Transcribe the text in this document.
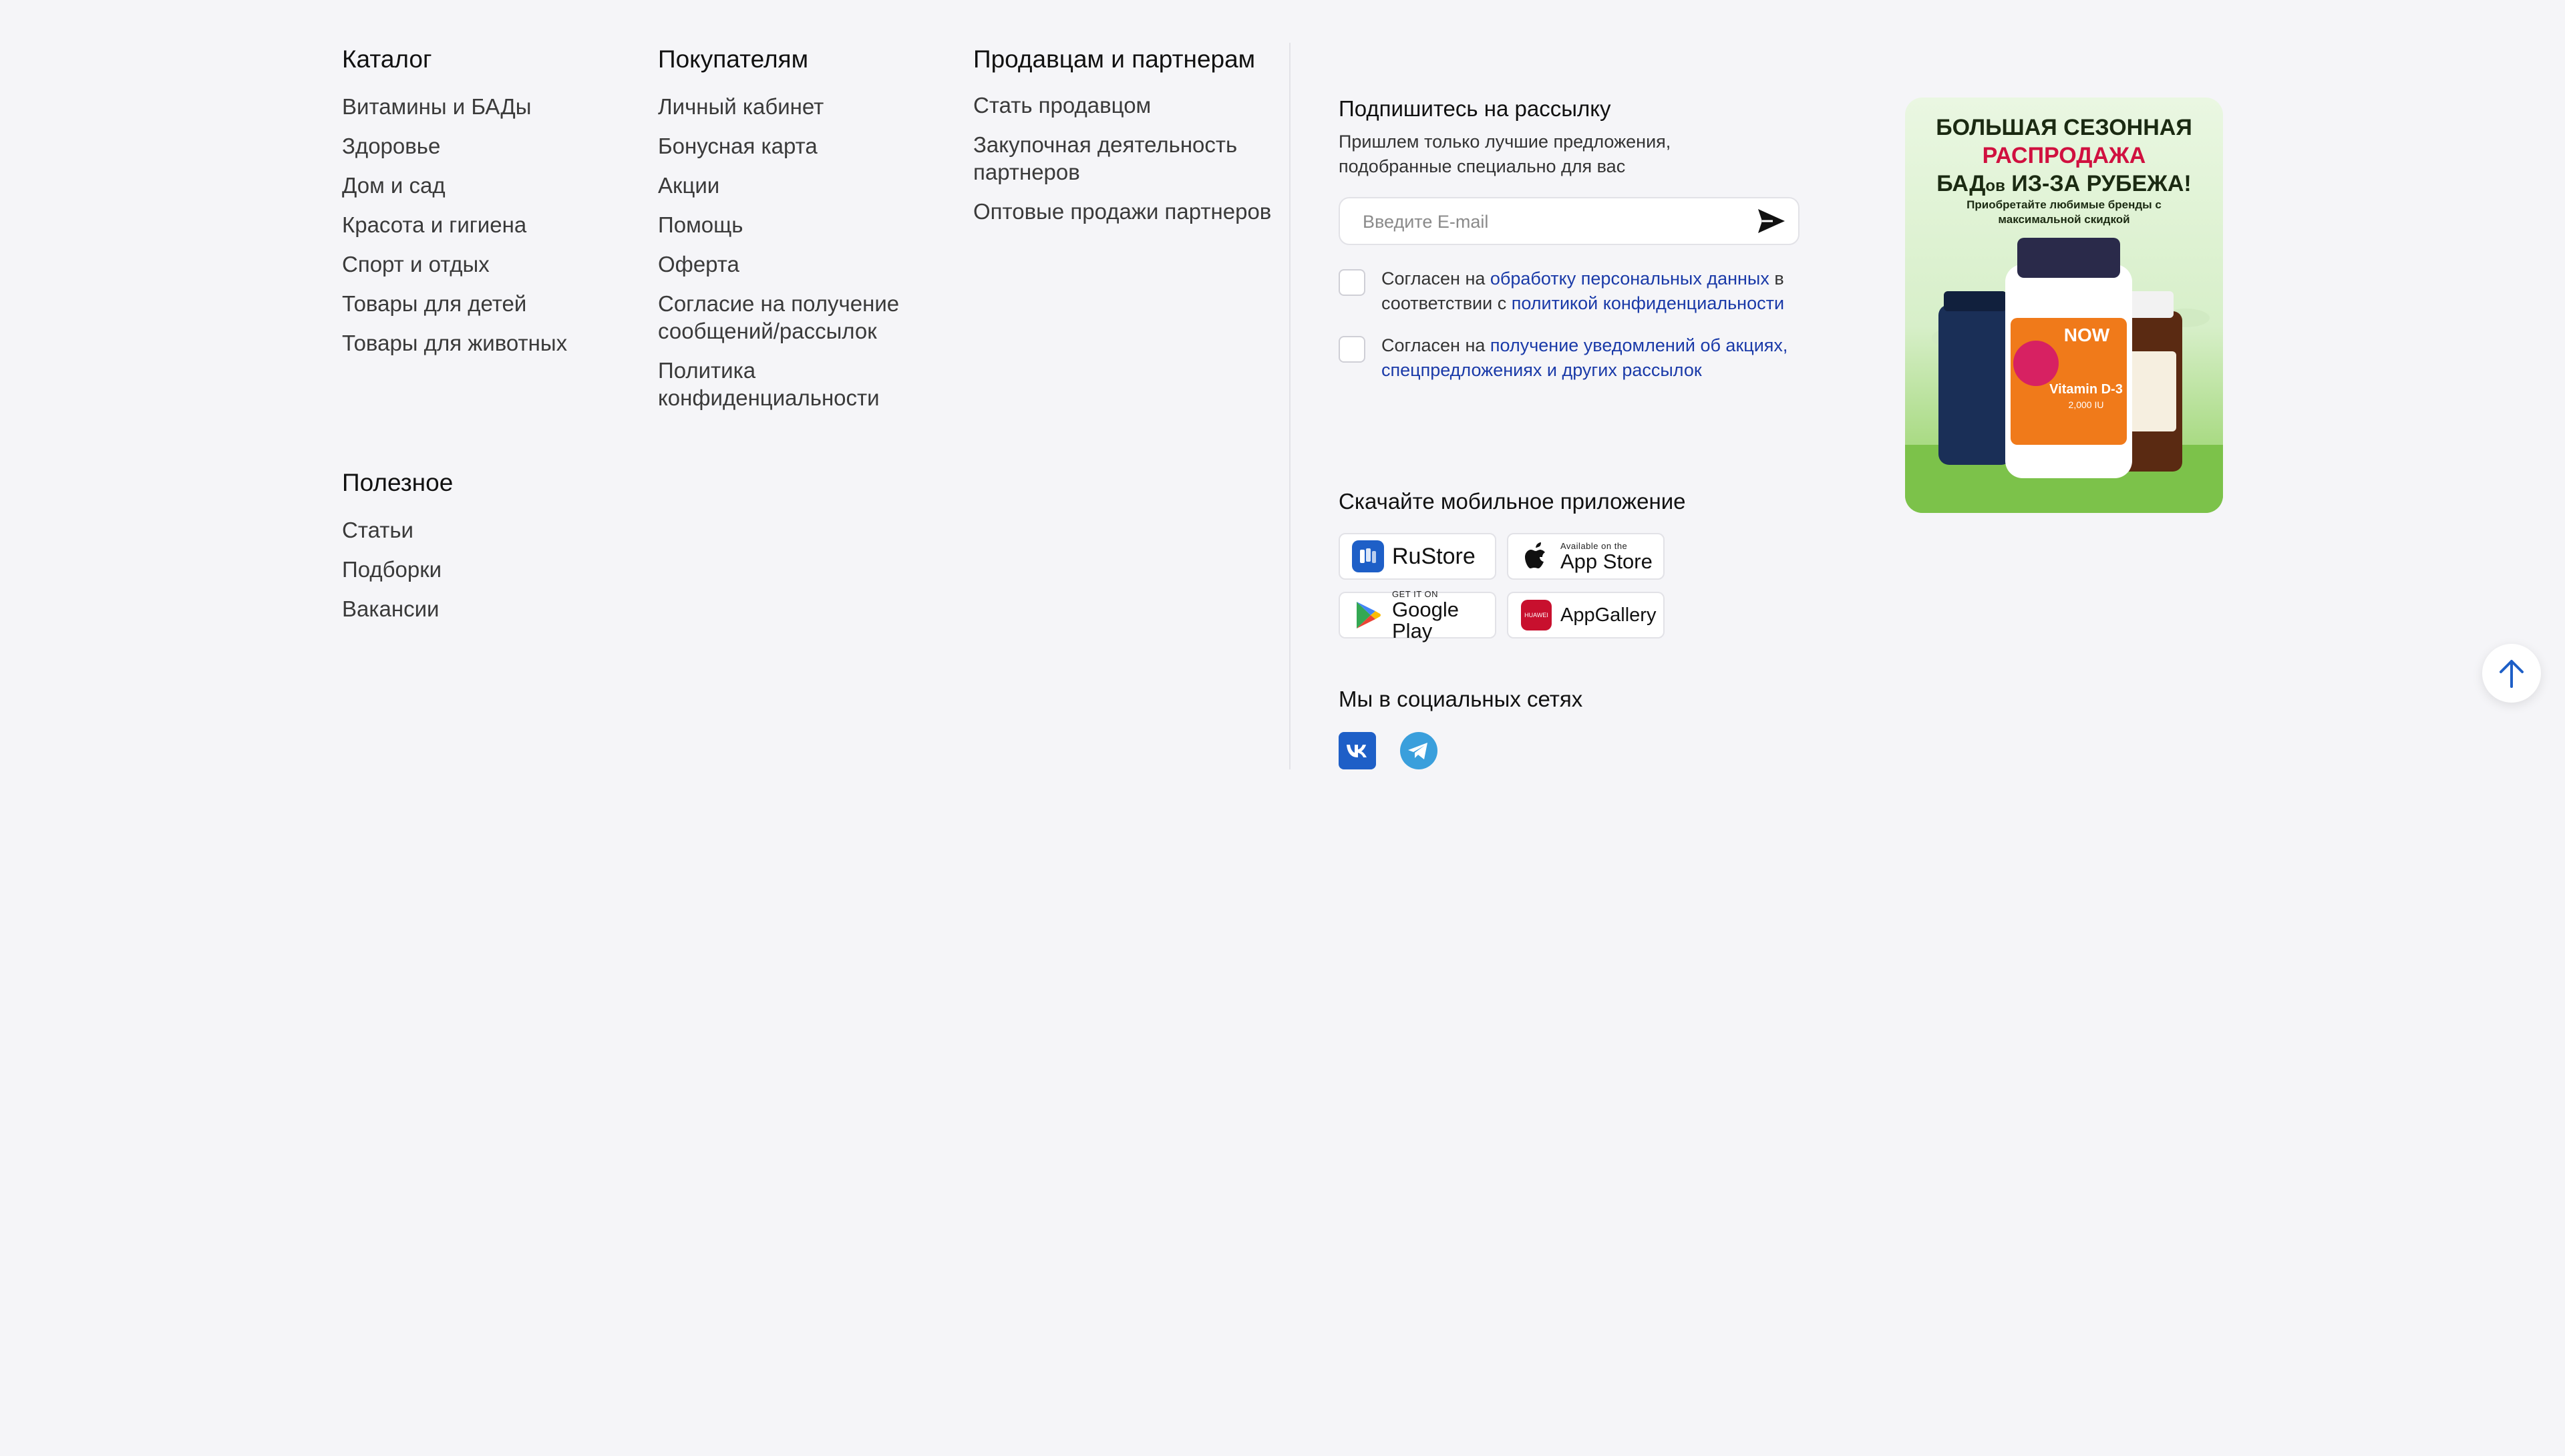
Каталог
Витамины и БАДы
Здоровье
Дом и сад
Красота и гигиена
Спорт и отдых
Товары для детей
Товары для животных
Покупателям
Личный кабинет
Бонусная карта
Акции
Помощь
Оферта
Согласие на получение сообщений/рассылок
Политика конфиденциальности
Продавцам и партнерам
Стать продавцом
Закупочная деятельность партнеров
Оптовые продажи партнеров
Полезное
Статьи
Подборки
Вакансии
Подпишитесь на рассылку
Пришлем только лучшие предложения, подобранные специально для вас
Введите E-mail
Согласен на обработку персональных данных в соответствии с политикой конфиденциальности
Согласен на получение уведомлений об акциях, спецпредложениях и других рассылок
Скачайте мобильное приложение
RuStore	Available on the
App Store
GET IT ON
Google Play
HUAWEI AppGallery
Мы в социальных сетях
БОЛЬШАЯ СЕЗОННАЯ
РАСПРОДАЖА
БАДов ИЗ-ЗА РУБЕЖА!
Приобретайте любимые бренды с максимальной скидкой
NOW
Vitamin D-3
2,000 IU
